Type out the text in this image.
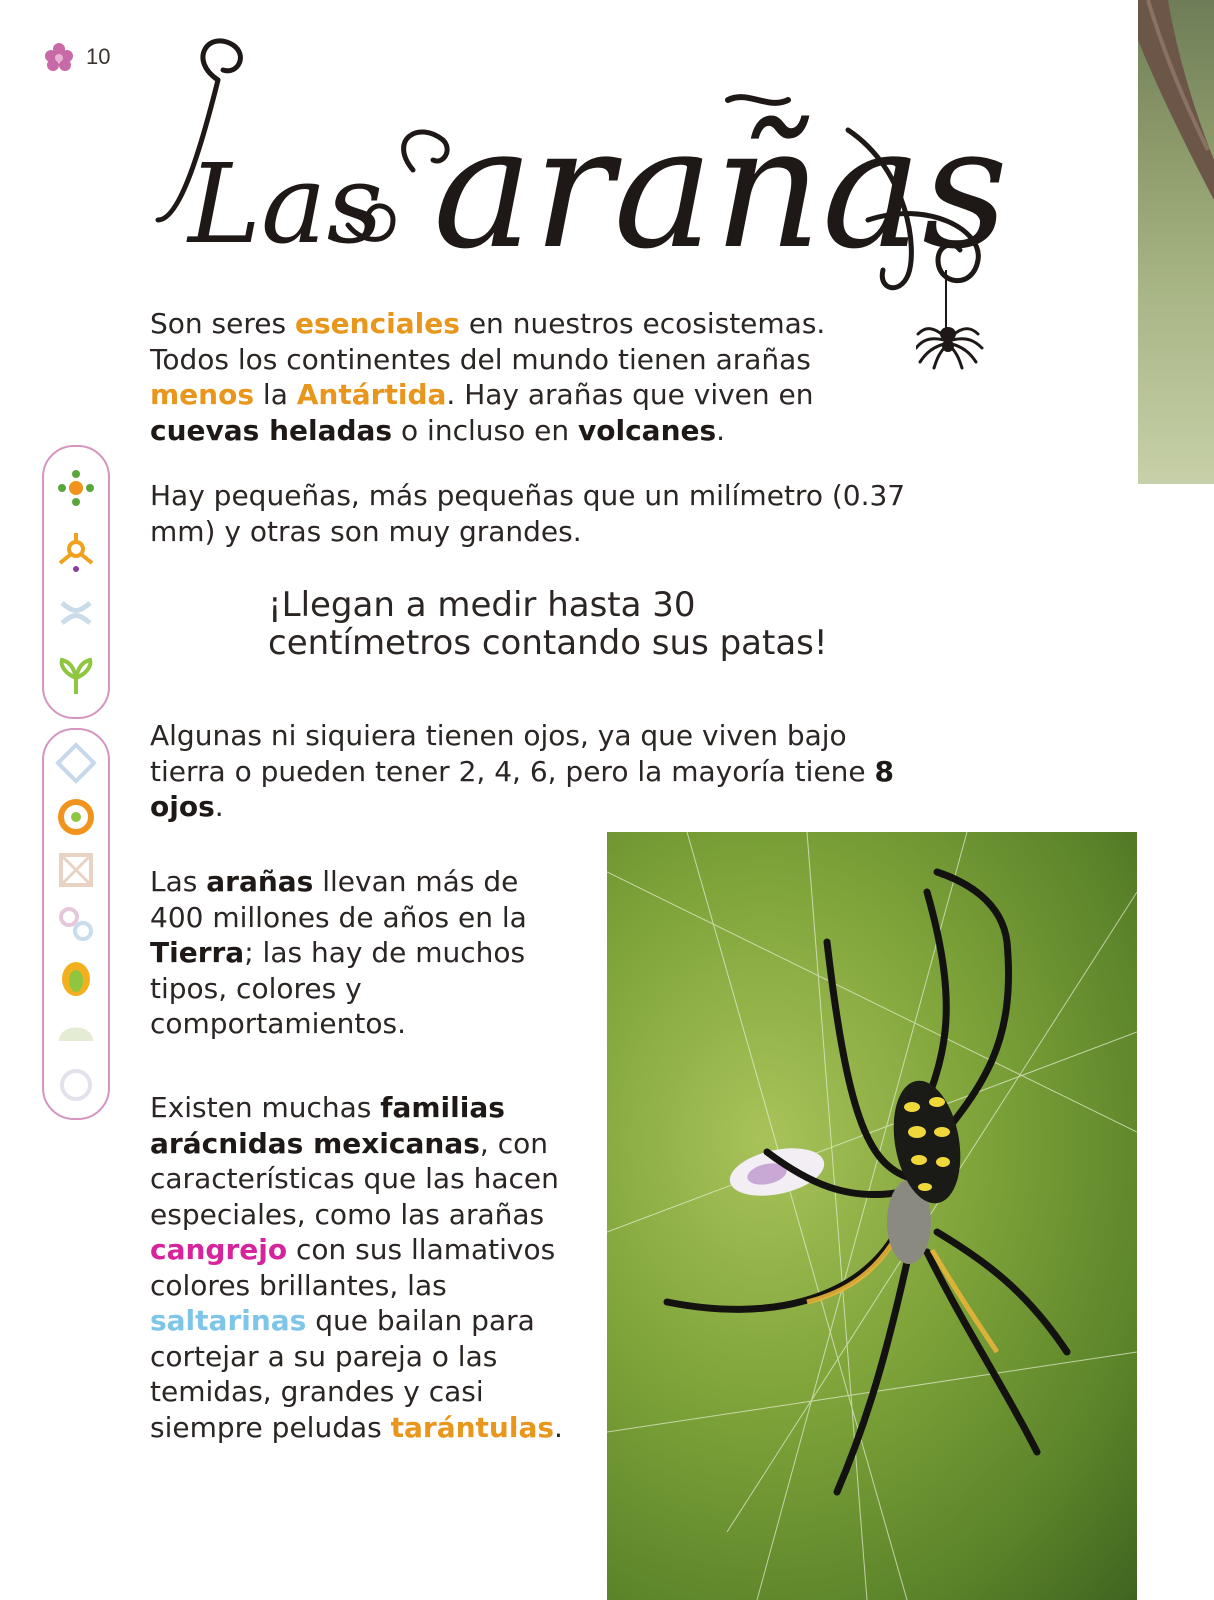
10
Las arañas

Son seres esenciales en nuestros ecosistemas. Todos los continentes del mundo tienen arañas menos la Antártida. Hay arañas que viven en cuevas heladas o incluso en volcanes.

Hay pequeñas, más pequeñas que un milímetro (0.37 mm) y otras son muy grandes.

¡Llegan a medir hasta 30
centímetros contando sus patas!

Algunas ni siquiera tienen ojos, ya que viven bajo tierra o pueden tener 2, 4, 6, pero la mayoría tiene 8 ojos.

Las arañas llevan más de 400 millones de años en la Tierra; las hay de muchos tipos, colores y comportamientos.

Existen muchas familias arácnidas mexicanas, con características que las hacen especiales, como las arañas cangrejo con sus llamativos colores brillantes, las saltarinas que bailan para cortejar a su pareja o las temidas, grandes y casi siempre peludas tarántulas.
